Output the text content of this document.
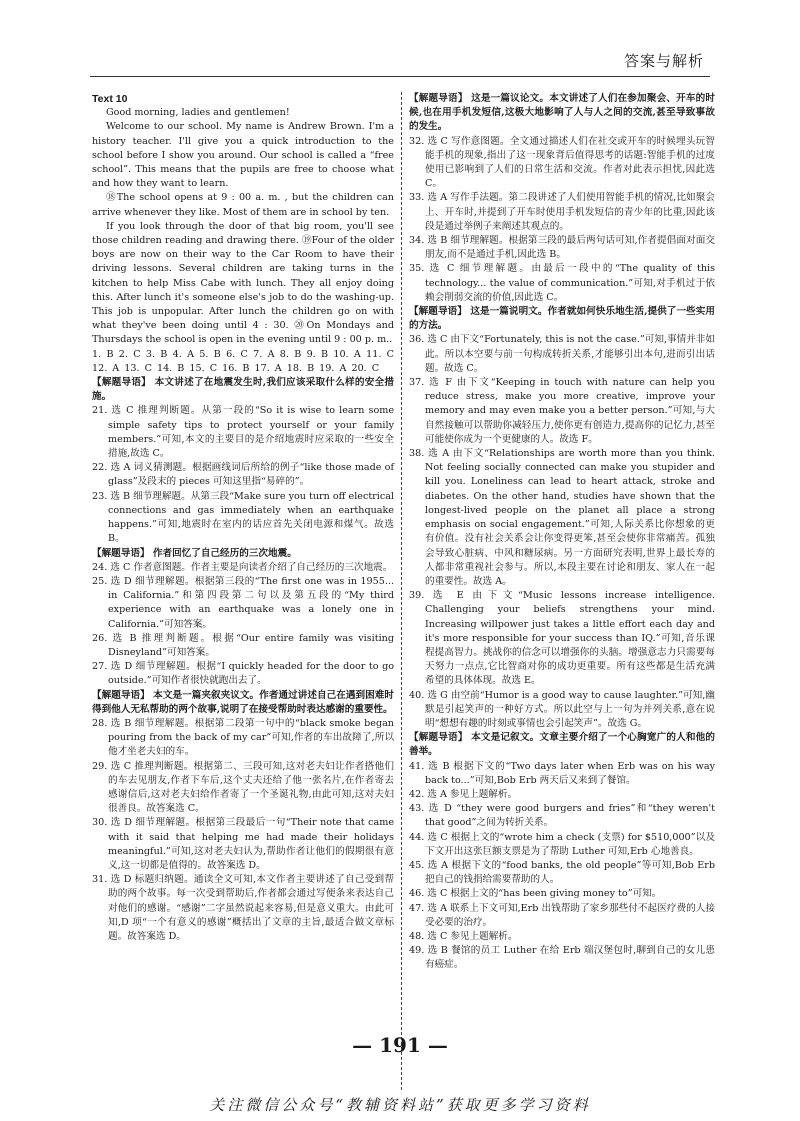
答案与解析

Text 10

Good morning, ladies and gentlemen!

Welcome to our school. My name is Andrew Brown. I'm a history teacher. I'll give you a quick introduction to the school before I show you around. Our school is called a “free school”. This means that the pupils are free to choose what and how they want to learn.

⑱The school opens at 9 : 00 a. m. , but the children can arrive whenever they like. Most of them are in school by ten.

If you look through the door of that big room, you'll see those children reading and drawing there. ⑲Four of the older boys are now on their way to the Car Room to have their driving lessons. Several children are taking turns in the kitchen to help Miss Cabe with lunch. They all enjoy doing this. After lunch it's someone else's job to do the washing-up. This job is unpopular. After lunch the children go on with what they've been doing until 4 : 30. ⑳On Mondays and Thursdays the school is open in the evening until 9 : 00 p. m..

1. B 2. C 3. B 4. A 5. B 6. C 7. A 8. B 9. B 10. A 11. C 12. A 13. C 14. B 15. C 16. B 17. A 18. B 19. A 20. C

【解题导语】 本文讲述了在地震发生时,我们应该采取什么样的安全措施。

21. 选 C 推理判断题。从第一段的“So it is wise to learn some simple safety tips to protect yourself or your family members.”可知,本文的主要目的是介绍地震时应采取的一些安全措施,故选 C。

22. 选 A 词义猜测题。根据画线词后所给的例子“like those made of glass”及段末的 pieces 可知这里指“易碎的”。

23. 选 B 细节理解题。从第三段“Make sure you turn off electrical connections and gas immediately when an earthquake happens.”可知,地震时在室内的话应首先关闭电源和煤气。故选 B。

【解题导语】 作者回忆了自己经历的三次地震。

24. 选 C 作者意图题。作者主要是向读者介绍了自己经历的三次地震。

25. 选 D 细节理解题。根据第三段的“The first one was in 1955... in California.”和第四段第二句以及第五段的“My third experience with an earthquake was a lonely one in California.”可知答案。

26. 选 B 推理判断题。根据“Our entire family was visiting Disneyland”可知答案。

27. 选 D 细节理解题。根据“I quickly headed for the door to go outside.”可知作者很快就跑出去了。

【解题导语】 本文是一篇夹叙夹议文。作者通过讲述自己在遇到困难时得到他人无私帮助的两个故事,说明了在接受帮助时表达感谢的重要性。

28. 选 B 细节理解题。根据第二段第一句中的“black smoke began pouring from the back of my car”可知,作者的车出故障了,所以他才坐老夫妇的车。

29. 选 C 推理判断题。根据第二、三段可知,这对老夫妇让作者搭他们的车去见朋友,作者下车后,这个丈夫还给了他一张名片,在作者寄去感谢信后,这对老夫妇给作者寄了一个圣诞礼物,由此可知,这对夫妇很善良。故答案选 C。

30. 选 D 细节理解题。根据第三段最后一句“Their note that came with it said that helping me had made their holidays meaningful.”可知,这对老夫妇认为,帮助作者让他们的假期很有意义,这一切都是值得的。故答案选 D。

31. 选 D 标题归纳题。通读全文可知,本文作者主要讲述了自己受到帮助的两个故事。每一次受到帮助后,作者都会通过写便条来表达自己对他们的感谢。“感谢”二字虽然说起来容易,但是意义重大。由此可知,D 项“一个有意义的感谢”概括出了文章的主旨,最适合做文章标题。故答案选 D。

【解题导语】 这是一篇议论文。本文讲述了人们在参加聚会、开车的时候,也在用手机发短信,这极大地影响了人与人之间的交流,甚至导致事故的发生。

32. 选 C 写作意图题。全文通过描述人们在社交或开车的时候埋头玩智能手机的现象,指出了这一现象背后值得思考的话题:智能手机的过度使用已影响到了人们的日常生活和交流。作者对此表示担忧,因此选 C。

33. 选 A 写作手法题。第二段讲述了人们使用智能手机的情况,比如聚会上、开车时,并提到了开车时使用手机发短信的青少年的比重,因此该段是通过举例子来阐述其观点的。

34. 选 B 细节理解题。根据第三段的最后两句话可知,作者提倡面对面交朋友,而不是通过手机,因此选 B。

35. 选 C 细节理解题。由最后一段中的“The quality of this technology... the value of communication.”可知,对手机过于依赖会削弱交流的价值,因此选 C。

【解题导语】 这是一篇说明文。作者就如何快乐地生活,提供了一些实用的方法。

36. 选 C 由下文“Fortunately, this is not the case.”可知,事情并非如此。所以本空要与前一句构成转折关系,才能够引出本句,进而引出话题。故选 C。

37. 选 F 由下文“Keeping in touch with nature can help you reduce stress, make you more creative, improve your memory and may even make you a better person.”可知,与大自然接触可以帮助你减轻压力,使你更有创造力,提高你的记忆力,甚至可能使你成为一个更健康的人。故选 F。

38. 选 A 由下文“Relationships are worth more than you think. Not feeling socially connected can make you stupider and kill you. Loneliness can lead to heart attack, stroke and diabetes. On the other hand, studies have shown that the longest-lived people on the planet all place a strong emphasis on social engagement.”可知,人际关系比你想象的更有价值。没有社会关系会让你变得更笨,甚至会使你非常痛苦。孤独会导致心脏病、中风和糖尿病。另一方面研究表明,世界上最长寿的人都非常重视社会参与。所以,本段主要在讨论和朋友、家人在一起的重要性。故选 A。

39. 选 E 由下文“Music lessons increase intelligence. Challenging your beliefs strengthens your mind. Increasing willpower just takes a little effort each day and it's more responsible for your success than IQ.”可知,音乐课程提高智力。挑战你的信念可以增强你的头脑。增强意志力只需要每天努力一点点,它比智商对你的成功更重要。所有这些都是生活充满希望的具体体现。故选 E。

40. 选 G 由空前“Humor is a good way to cause laughter.”可知,幽默是引起笑声的一种好方式。所以此空与上一句为并列关系,意在说明“想想有趣的时刻或事情也会引起笑声”。故选 G。

【解题导语】 本文是记叙文。文章主要介绍了一个心胸宽广的人和他的善举。

41. 选 B 根据下文的“Two days later when Erb was on his way back to...”可知,Bob Erb 两天后又来到了餐馆。

42. 选 A 参见上题解析。

43. 选 D “they were good burgers and fries”和“they weren't that good”之间为转折关系。

44. 选 C 根据上文的“wrote him a check (支票) for $510,000”以及下文开出这张巨额支票是为了帮助 Luther 可知,Erb 心地善良。

45. 选 A 根据下文的“food banks, the old people”等可知,Bob Erb 把自己的钱捐给需要帮助的人。

46. 选 C 根据上文的“has been giving money to”可知。

47. 选 A 联系上下文可知,Erb 出钱帮助了家乡那些付不起医疗费的人接受必要的治疗。

48. 选 C 参见上题解析。

49. 选 B 餐馆的员工 Luther 在给 Erb 端汉堡包时,聊到自己的女儿患有癌症。

— 191 —
关注微信公众号“教辅资料站”获取更多学习资料
